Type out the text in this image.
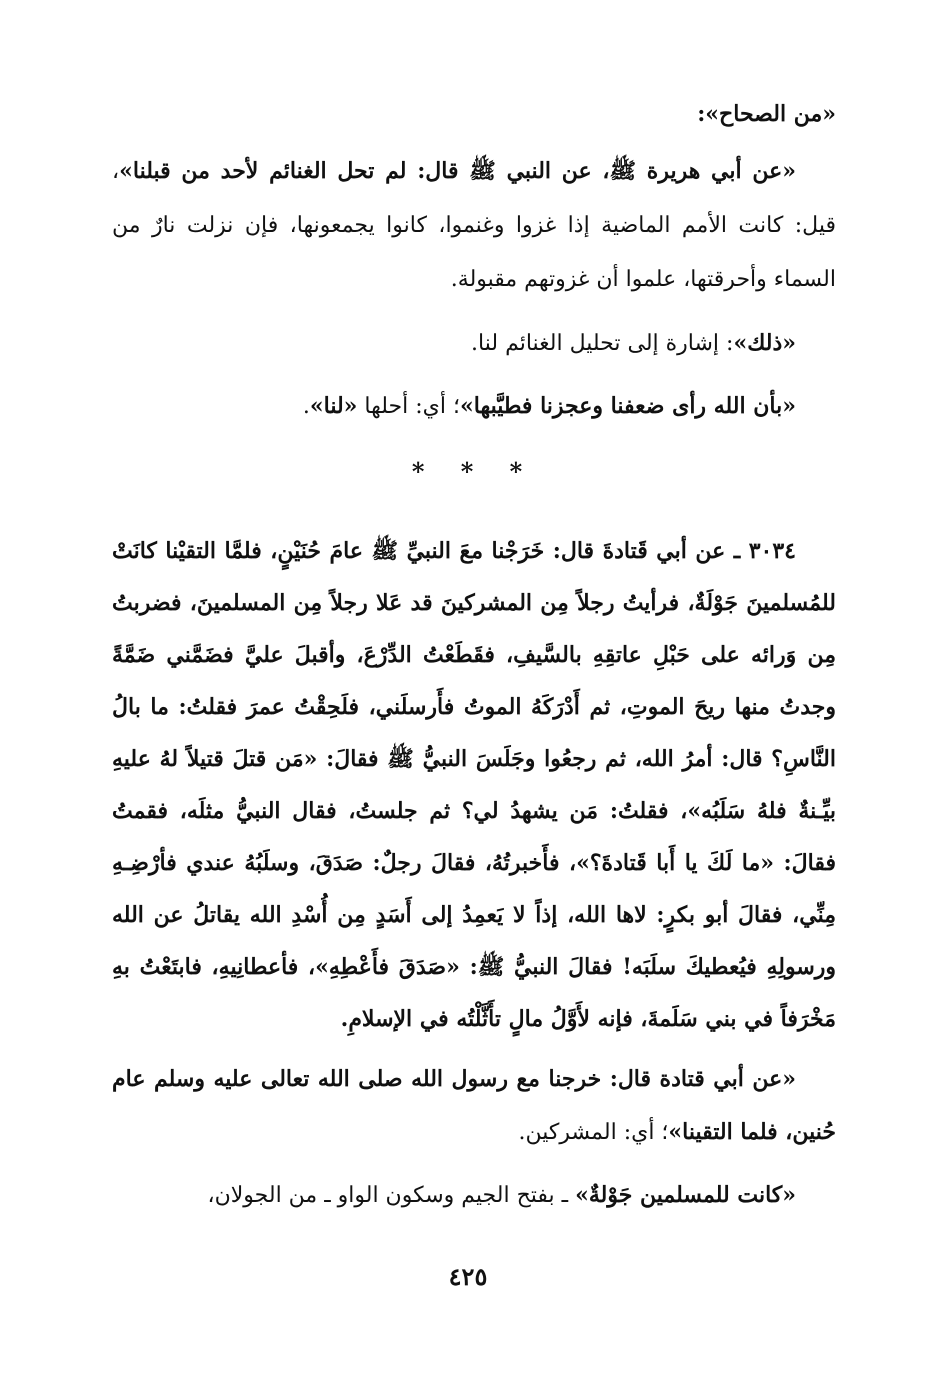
«من الصحاح»:

«عن أبي هريرة ﷺ، عن النبي ﷺ قال: لم تحل الغنائم لأحد من قبلنا»، قيل: كانت الأمم الماضية إذا غزوا وغنموا، كانوا يجمعونها، فإن نزلت نارٌ من السماء وأحرقتها، علموا أن غزوتهم مقبولة.

«ذلك»: إشارة إلى تحليل الغنائم لنا.

«بأن الله رأى ضعفنا وعجزنا فطيَّبها»؛ أي: أحلها «لنا».

* * *

٣٠٣٤ ـ عن أبي قَتادةَ قال: خَرَجْنا معَ النبيِّ ﷺ عامَ حُنَيْنٍ، فلمَّا التقيْنا كانَتْ للمُسلمينَ جَوْلَةٌ، فرأيتُ رجلاً مِن المشركينَ قد عَلا رجلاً مِن المسلمينَ، فضربتُ مِن وَرائه على حَبْلِ عاتقِهِ بالسَّيفِ، فقَطَعْتُ الدِّرْعَ، وأقبلَ عليَّ فضَمَّني ضَمَّةً وجدتُ منها ريحَ الموتِ، ثم أَدْرَكَهُ الموتُ فأَرسلَني، فلَحِقْتُ عمرَ فقلتُ: ما بالُ النَّاسِ؟ قال: أمرُ الله، ثم رجعُوا وجَلَسَ النبيُّ ﷺ فقالَ: «مَن قتلَ قتيلاً لهُ عليهِ بيِّـنةٌ فلهُ سَلَبُه»، فقلتُ: مَن يشهدُ لي؟ ثم جلستُ، فقال النبيُّ مثلَه، فقمتُ فقالَ: «ما لَكَ يا أَبا قَتادةَ؟»، فأَخبرتُهُ، فقالَ رجلٌ: صَدَقَ، وسلَبُهُ عندي فأرْضِـهِ مِنِّي، فقالَ أبو بكرٍ: لاها الله، إذاً لا يَعمِدُ إلى أَسَدٍ مِن أُسْدِ الله يقاتلُ عن الله ورسولِهِ فيُعطيكَ سلَبَه! فقالَ النبيُّ ﷺ: «صَدَقَ فأَعْطِهِ»، فأعطانِيهِ، فابتَعْتُ بهِ مَخْرَفاً في بني سَلَمةَ، فإنه لأَوَّلُ مالٍ تأَثَّلْتُه في الإسلامِ.

«عن أبي قتادة قال: خرجنا مع رسول الله صلى الله تعالى عليه وسلم عام حُنين، فلما التقينا»؛ أي: المشركين.

«كانت للمسلمين جَوْلةٌ» ـ بفتح الجيم وسكون الواو ـ من الجولان،

٤٢٥
